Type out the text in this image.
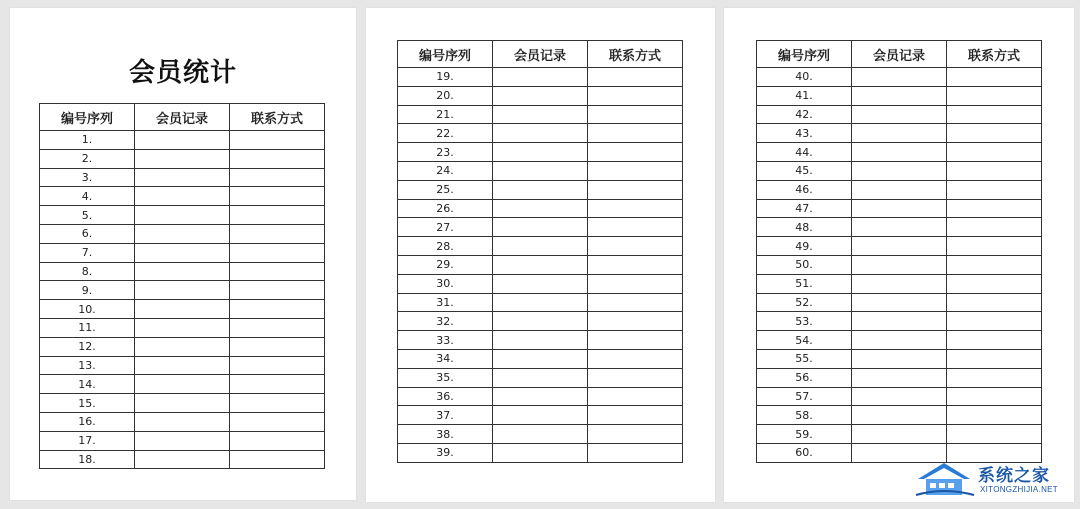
会员统计
编号序列	会员记录	联系方式
1.		
2.		
3.		
4.		
5.		
6.		
7.		
8.		
9.		
10.		
11.		
12.		
13.		
14.		
15.		
16.		
17.		
18.		
编号序列	会员记录	联系方式
19.		
20.		
21.		
22.		
23.		
24.		
25.		
26.		
27.		
28.		
29.		
30.		
31.		
32.		
33.		
34.		
35.		
36.		
37.		
38.		
39.		
编号序列	会员记录	联系方式
40.		
41.		
42.		
43.		
44.		
45.		
46.		
47.		
48.		
49.		
50.		
51.		
52.		
53.		
54.		
55.		
56.		
57.		
58.		
59.		
60.		
系统之家
XITONGZHIJIA.NET
